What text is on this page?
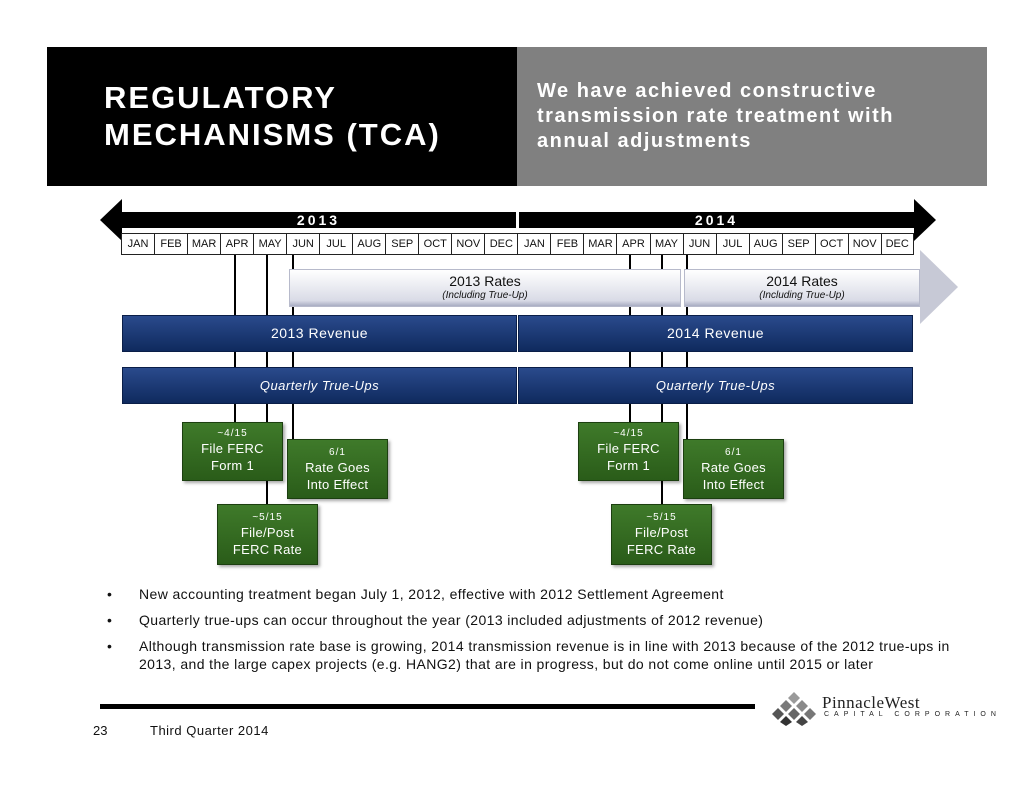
REGULATORY
MECHANISMS (TCA)
We have achieved constructive
transmission rate treatment with
annual adjustments
2013	2014
JAN	FEB MAR APR MAY JUN	JUL	AUG SEP OCT NOV DEC	JAN	FEB MAR APR MAY JUN	JUL	AUG SEP OCT NOV DEC
2013 Rates
(Including True-Up)
2014 Rates
(Including True-Up)
2013 Revenue	2014 Revenue
Quarterly True-Ups	Quarterly True-Ups
~4/15
File FERC
Form 1
6/1
Rate Goes
Into Effect
~5/15
File/Post
FERC Rate
~4/15
File FERC
Form 1
6/1
Rate Goes
Into Effect
~5/15
File/Post
FERC Rate
• New accounting treatment began July 1, 2012, effective with 2012 Settlement Agreement
• Quarterly true-ups can occur throughout the year (2013 included adjustments of 2012 revenue)
• Although transmission rate base is growing, 2014 transmission revenue is in line with 2013 because of the 2012 true-ups in 2013, and the large capex projects (e.g. HANG2) that are in progress, but do not come online until 2015 or later
23	Third Quarter 2014
PinnacleWest
CAPITAL CORPORATION
